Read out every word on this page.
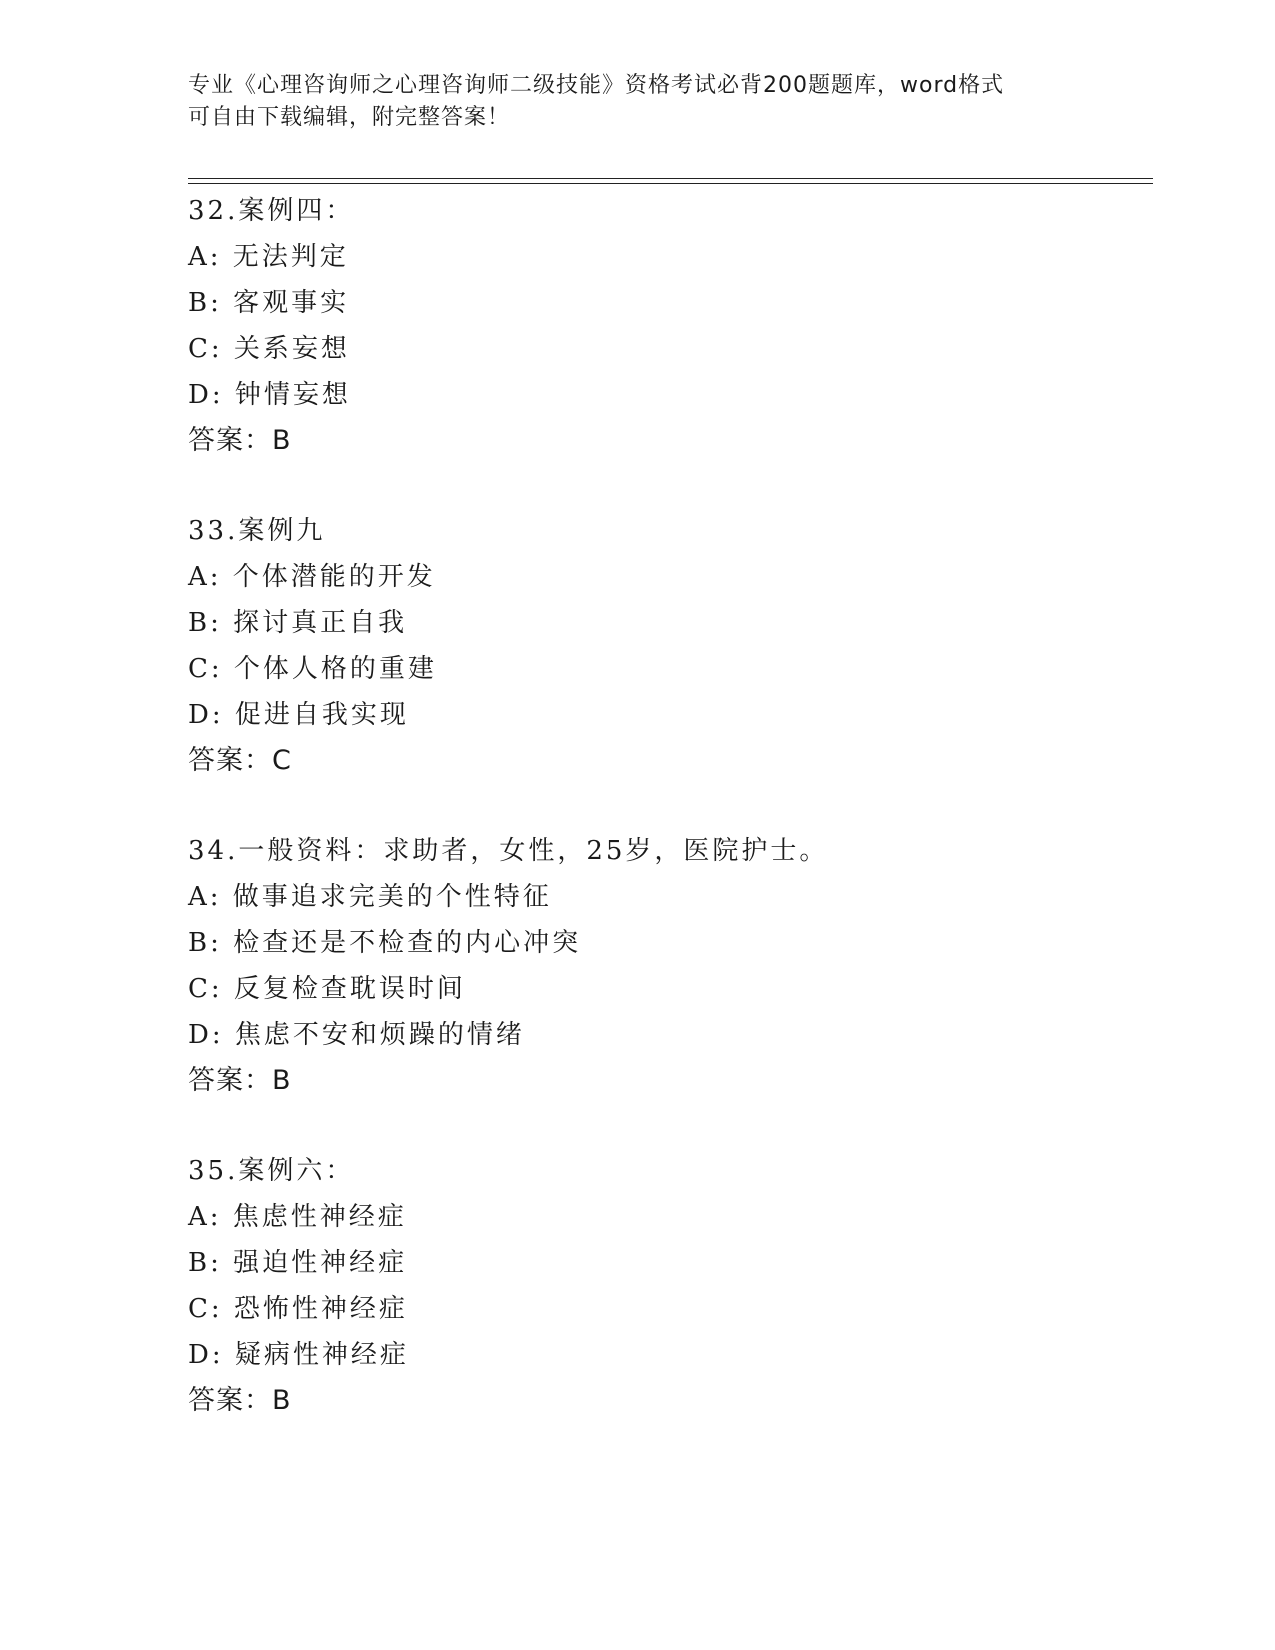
专业《心理咨询师之心理咨询师二级技能》资格考试必背200题题库，word格式
可自由下载编辑，附完整答案！
32.案例四：
A: 无法判定
B: 客观事实
C: 关系妄想
D: 钟情妄想
答案：B
33.案例九
A: 个体潜能的开发
B: 探讨真正自我
C: 个体人格的重建
D: 促进自我实现
答案：C
34.一般资料：求助者，女性，25岁，医院护士。
A: 做事追求完美的个性特征
B: 检查还是不检查的内心冲突
C: 反复检查耽误时间
D: 焦虑不安和烦躁的情绪
答案：B
35.案例六：
A: 焦虑性神经症
B: 强迫性神经症
C: 恐怖性神经症
D: 疑病性神经症
答案：B
